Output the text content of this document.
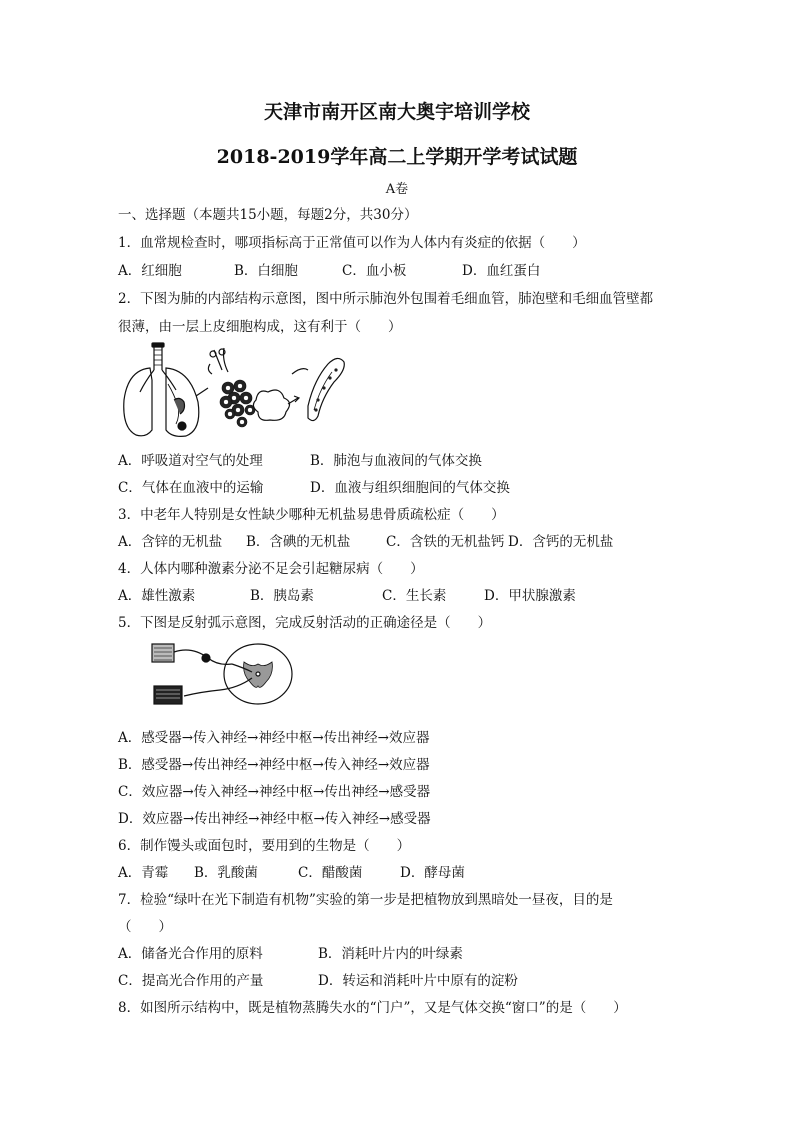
天津市南开区南大奥宇培训学校
2018-2019学年高二上学期开学考试试题
A卷
一、选择题（本题共15小题，每题2分，共30分）
1．血常规检查时，哪项指标高于正常值可以作为人体内有炎症的依据（　　）
A．红细胞	B．白细胞	C．血小板	D．血红蛋白
2．下图为肺的内部结构示意图，图中所示肺泡外包围着毛细血管，肺泡壁和毛细血管壁都
很薄，由一层上皮细胞构成，这有利于（　　）
A．呼吸道对空气的处理	B．肺泡与血液间的气体交换
C．气体在血液中的运输	D．血液与组织细胞间的气体交换
3．中老年人特别是女性缺少哪种无机盐易患骨质疏松症（　　）
A．含锌的无机盐 B．含碘的无机盐	C．含铁的无机盐钙 D．含钙的无机盐
4．人体内哪种激素分泌不足会引起糖尿病（　　）
A．雄性激素	B．胰岛素	C．生长素	D．甲状腺激素
5．下图是反射弧示意图，完成反射活动的正确途径是（　　）
A．感受器→传入神经→神经中枢→传出神经→效应器
B．感受器→传出神经→神经中枢→传入神经→效应器
C．效应器→传入神经→神经中枢→传出神经→感受器
D．效应器→传出神经→神经中枢→传入神经→感受器
6．制作馒头或面包时，要用到的生物是（　　）
A．青霉 B．乳酸菌	C．醋酸菌	D．酵母菌
7．检验“绿叶在光下制造有机物”实验的第一步是把植物放到黑暗处一昼夜，目的是
（　　）
A．储备光合作用的原料	B．消耗叶片内的叶绿素
C．提高光合作用的产量	D．转运和消耗叶片中原有的淀粉
8．如图所示结构中，既是植物蒸腾失水的“门户”，又是气体交换“窗口”的是（　　）
